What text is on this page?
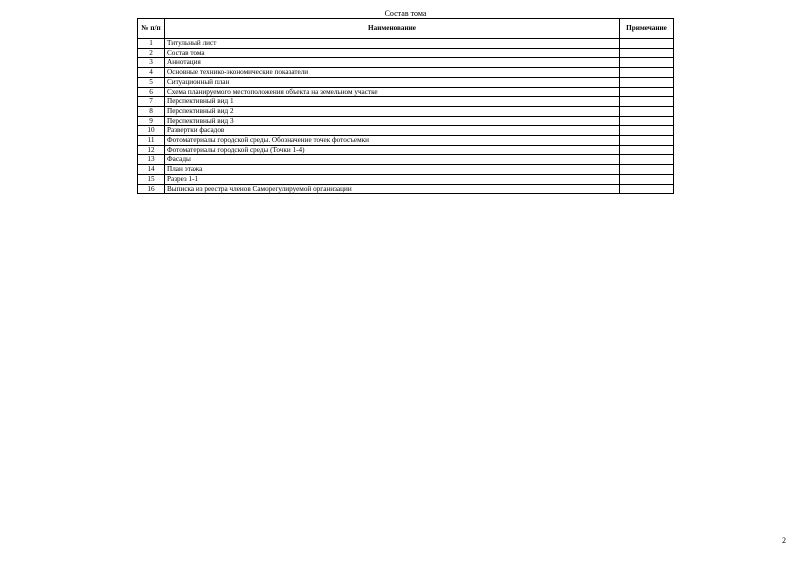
Состав тома
№ п/п	Наименование	Примечание
1	Титульный лист	
2	Состав тома	
3	Аннотация	
4	Основные технико-экономические показатели	
5	Ситуационный план	
6	Схема планируемого местоположения объекта на земельном участке	
7	Перспективный вид 1	
8	Перспективный вид 2	
9	Перспективный вид 3	
10	Развертки фасадов	
11	Фотоматериалы городской среды. Обозначение точек фотосъемки	
12	Фотоматериалы городской среды (Точки 1-4)	
13	Фасады	
14	План этажа	
15	Разрез 1-1	
16	Выписка из реестра членов Саморегулируемой организации	
2
